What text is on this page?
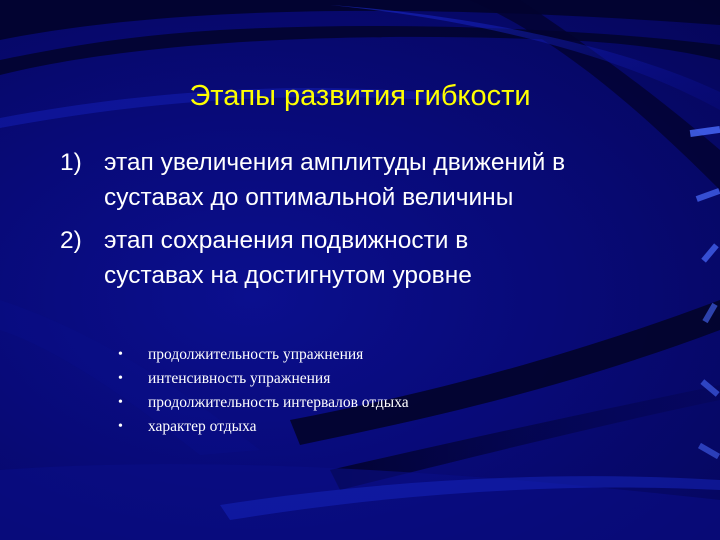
Этапы развития гибкости
1) этап увеличения амплитуды движений в
суставах до оптимальной величины
2) этап сохранения подвижности в
суставах на достигнутом уровне
• продолжительность упражнения
• интенсивность упражнения
• продолжительность интервалов отдыха
• характер отдыха
